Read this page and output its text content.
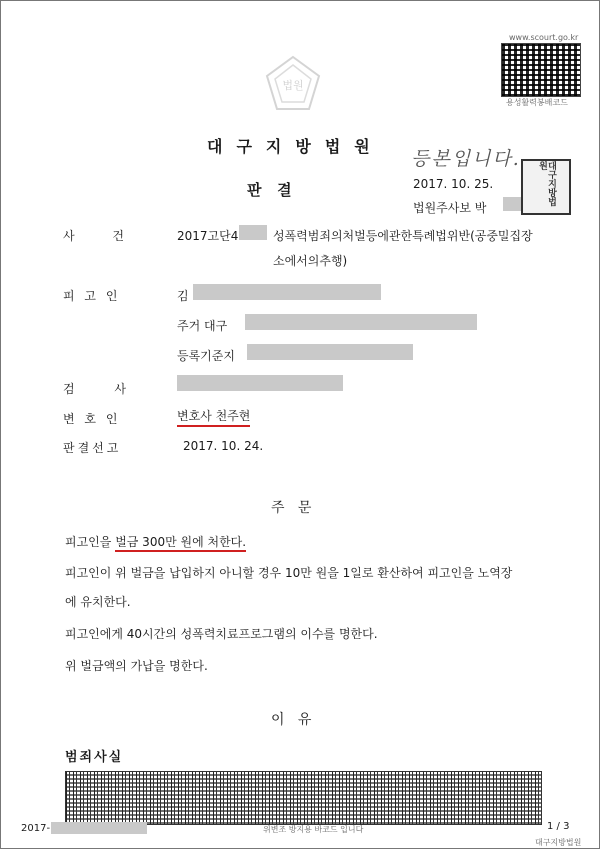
www.scourt.go.kr
용성활력봉배코드
법원
대구지방법원
판   결
등본입니다.
2017. 10. 25.
법원주사보 박
대구지방법원
사 건	2017고단4	성폭력범죄의처벌등에관한특례법위반(공중밀집장
소에서의추행)
피 고 인	김
주거 대구
등록기준지
검 사
변 호 인	변호사 천주현
판결선고	2017. 10. 24.
주   문
피고인을 벌금 300만 원에 처한다.
피고인이 위 벌금을 납입하지 아니할 경우 10만 원을 1일로 환산하여 피고인을 노역장
에 유치한다.
피고인에게 40시간의 성폭력치료프로그램의 이수를 명한다.
위 벌금액의 가납을 명한다.
이   유
범죄사실
2017-	위변조 방지용 바코드 입니다	1 / 3
대구지방법원
